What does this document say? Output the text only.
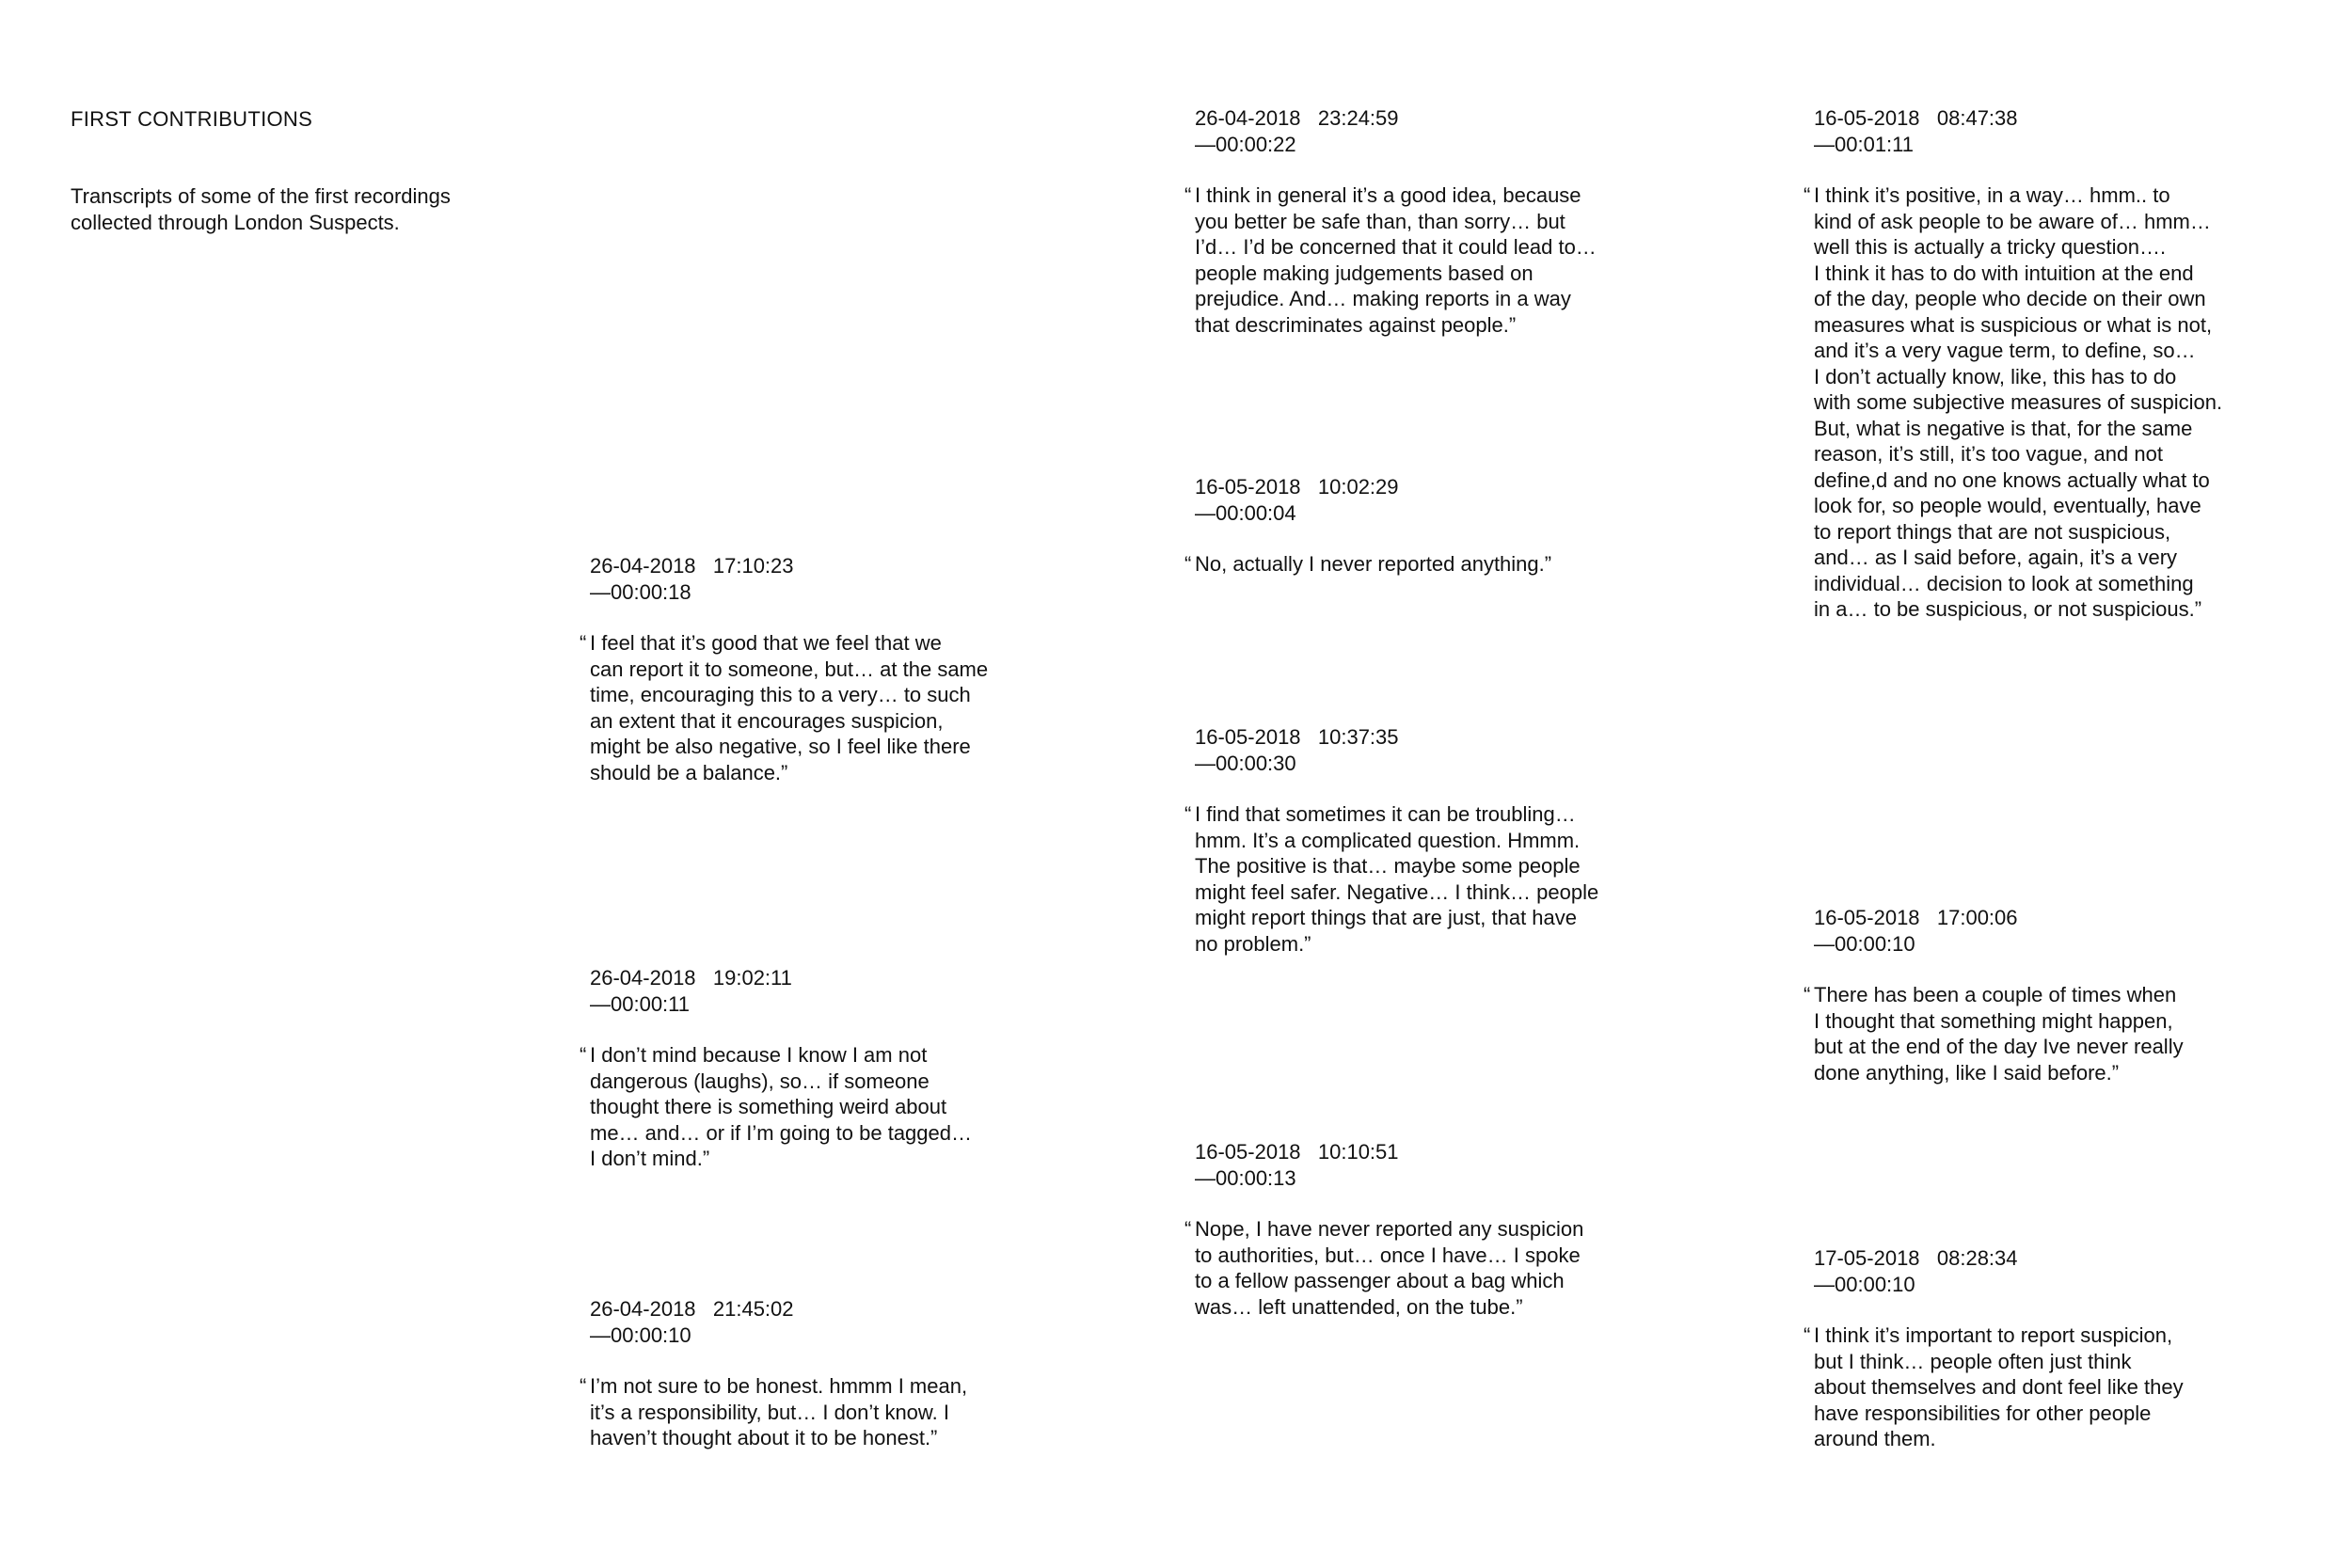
FIRST CONTRIBUTIONS

Transcripts of some of the first recordings
collected through London Suspects.

26-04-2018   17:10:23
—00:00:18
“ I feel that it’s good that we feel that we
can report it to someone, but… at the same
time, encouraging this to a very… to such
an extent that it encourages suspicion,
might be also negative, so I feel like there
should be a balance.”
26-04-2018   19:02:11
—00:00:11
“ I don’t mind because I know I am not
dangerous (laughs), so… if someone
thought there is something weird about
me… and… or if I’m going to be tagged…
I don’t mind.”
26-04-2018   21:45:02
—00:00:10
“ I’m not sure to be honest. hmmm I mean,
it’s a responsibility, but… I don’t know. I
haven’t thought about it to be honest.”
26-04-2018   23:24:59
—00:00:22
“ I think in general it’s a good idea, because
you better be safe than, than sorry… but
I’d… I’d be concerned that it could lead to…
people making judgements based on
prejudice. And… making reports in a way
that descriminates against people.”
16-05-2018   10:02:29
—00:00:04
“ No, actually I never reported anything.”
16-05-2018   10:37:35
—00:00:30
“ I find that sometimes it can be troubling…
hmm. It’s a complicated question. Hmmm.
The positive is that… maybe some people
might feel safer. Negative… I think… people
might report things that are just, that have
no problem.”
16-05-2018   10:10:51
—00:00:13
“ Nope, I have never reported any suspicion
to authorities, but… once I have… I spoke
to a fellow passenger about a bag which
was… left unattended, on the tube.”
16-05-2018   08:47:38
—00:01:11
“ I think it’s positive, in a way… hmm.. to
kind of ask people to be aware of… hmm…
well this is actually a tricky question….
I think it has to do with intuition at the end
of the day, people who decide on their own
measures what is suspicious or what is not,
and it’s a very vague term, to define, so…
I don’t actually know, like, this has to do
with some subjective measures of suspicion.
But, what is negative is that, for the same
reason, it’s still, it’s too vague, and not
define,d and no one knows actually what to
look for, so people would, eventually, have
to report things that are not suspicious,
and… as I said before, again, it’s a very
individual… decision to look at something
in a… to be suspicious, or not suspicious.”
16-05-2018   17:00:06
—00:00:10
“ There has been a couple of times when
I thought that something might happen,
but at the end of the day Ive never really
done anything, like I said before.”
17-05-2018   08:28:34
—00:00:10
“ I think it’s important to report suspicion,
but I think… people often just think
about themselves and dont feel like they
have responsibilities for other people
around them.
